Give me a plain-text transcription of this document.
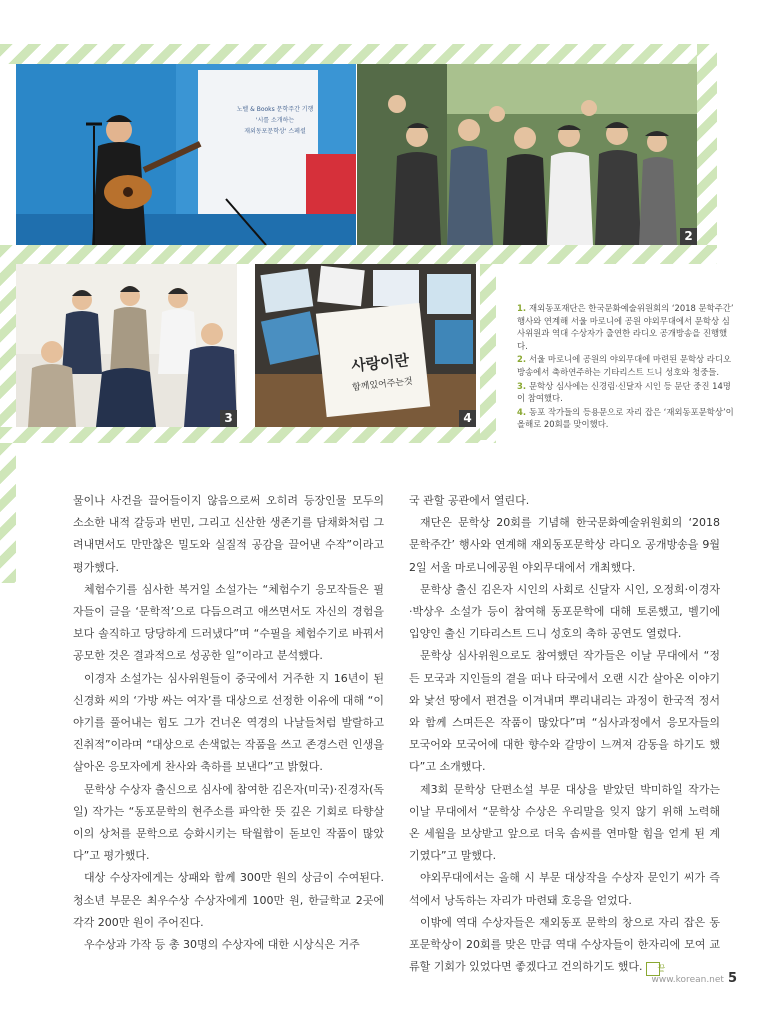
노벨 & Books 문학주간 기행
'시를 소개하는
재외동포문학상' 스페셜
2
3
사랑이란
함께있어주는것
4

1. 재외동포재단은 한국문화예술위원회의 ‘2018 문학주간’ 행사와 연계해 서울 마로니에 공원 야외무대에서 문학상 심사위원과 역대 수상자가 출연한 라디오 공개방송을 진행했다.

2. 서울 마로니에 공원의 야외무대에 마련된 문학상 라디오 방송에서 축하연주하는 기타리스트 드니 성호와 청중들.

3. 문학상 심사에는 신경림·신달자 시인 등 문단 중진 14명이 참여했다.

4. 동포 작가들의 등용문으로 자리 잡은 ‘재외동포문학상’이 올해로 20회를 맞이했다.

물이나 사건을 끌어들이지 않음으로써 오히려 등장인물 모두의 소소한 내적 갈등과 번민, 그리고 신산한 생존기를 담채화처럼 그려내면서도 만만찮은 밀도와 실질적 공감을 끌어낸 수작”이라고 평가했다.

체험수기를 심사한 복거일 소설가는 “체험수기 응모작들은 필자들이 글을 ‘문학적’으로 다듬으려고 애쓰면서도 자신의 경험을 보다 솔직하고 당당하게 드러냈다”며 “수필을 체험수기로 바꿔서 공모한 것은 결과적으로 성공한 일”이라고 분석했다.

이경자 소설가는 심사위원들이 중국에서 거주한 지 16년이 된 신경화 씨의 ‘가방 싸는 여자’를 대상으로 선정한 이유에 대해 “이야기를 풀어내는 힘도 그가 건너온 역경의 나날들처럼 발랄하고 진취적”이라며 “대상으로 손색없는 작품을 쓰고 존경스런 인생을 살아온 응모자에게 찬사와 축하를 보낸다”고 밝혔다.

문학상 수상자 출신으로 심사에 참여한 김은자(미국)·진경자(독일) 작가는 “동포문학의 현주소를 파악한 뜻 깊은 기회로 타향살이의 상처를 문학으로 승화시키는 탁월함이 돋보인 작품이 많았다”고 평가했다.

대상 수상자에게는 상패와 함께 300만 원의 상금이 수여된다. 청소년 부문은 최우수상 수상자에게 100만 원, 한글학교 2곳에 각각 200만 원이 주어진다.

우수상과 가작 등 총 30명의 수상자에 대한 시상식은 거주

국 관할 공관에서 열린다.

재단은 문학상 20회를 기념해 한국문화예술위원회의 ‘2018 문학주간’ 행사와 연계해 재외동포문학상 라디오 공개방송을 9월 2일 서울 마로니에공원 야외무대에서 개최했다.

문학상 출신 김은자 시인의 사회로 신달자 시인, 오정희·이경자·박상우 소설가 등이 참여해 동포문학에 대해 토론했고, 벨기에 입양인 출신 기타리스트 드니 성호의 축하 공연도 열렸다.

문학상 심사위원으로도 참여했던 작가들은 이날 무대에서 “정든 모국과 지인들의 곁을 떠나 타국에서 오랜 시간 살아온 이야기와 낯선 땅에서 편견을 이겨내며 뿌리내리는 과정이 한국적 정서와 함께 스며든은 작품이 많았다”며 “심사과정에서 응모자들의 모국어와 모국어에 대한 향수와 갈망이 느껴져 감동을 하기도 했다”고 소개했다.

제3회 문학상 단편소설 부문 대상을 받았던 박미하일 작가는 이날 무대에서 “문학상 수상은 우리말을 잊지 않기 위해 노력해 온 세월을 보상받고 앞으로 더욱 솜씨를 연마할 힘을 얻게 된 계기였다”고 말했다.

야외무대에서는 올해 시 부문 대상작을 수상자 문인기 씨가 즉석에서 낭독하는 자리가 마련돼 호응을 얻었다.

이밖에 역대 수상자들은 재외동포 문학의 창으로 자리 잡은 동포문학상이 20회를 맞은 만큼 역대 수상자들이 한자리에 모여 교류할 기회가 있었다면 좋겠다고 건의하기도 했다. 끝

www.korean.net 5
